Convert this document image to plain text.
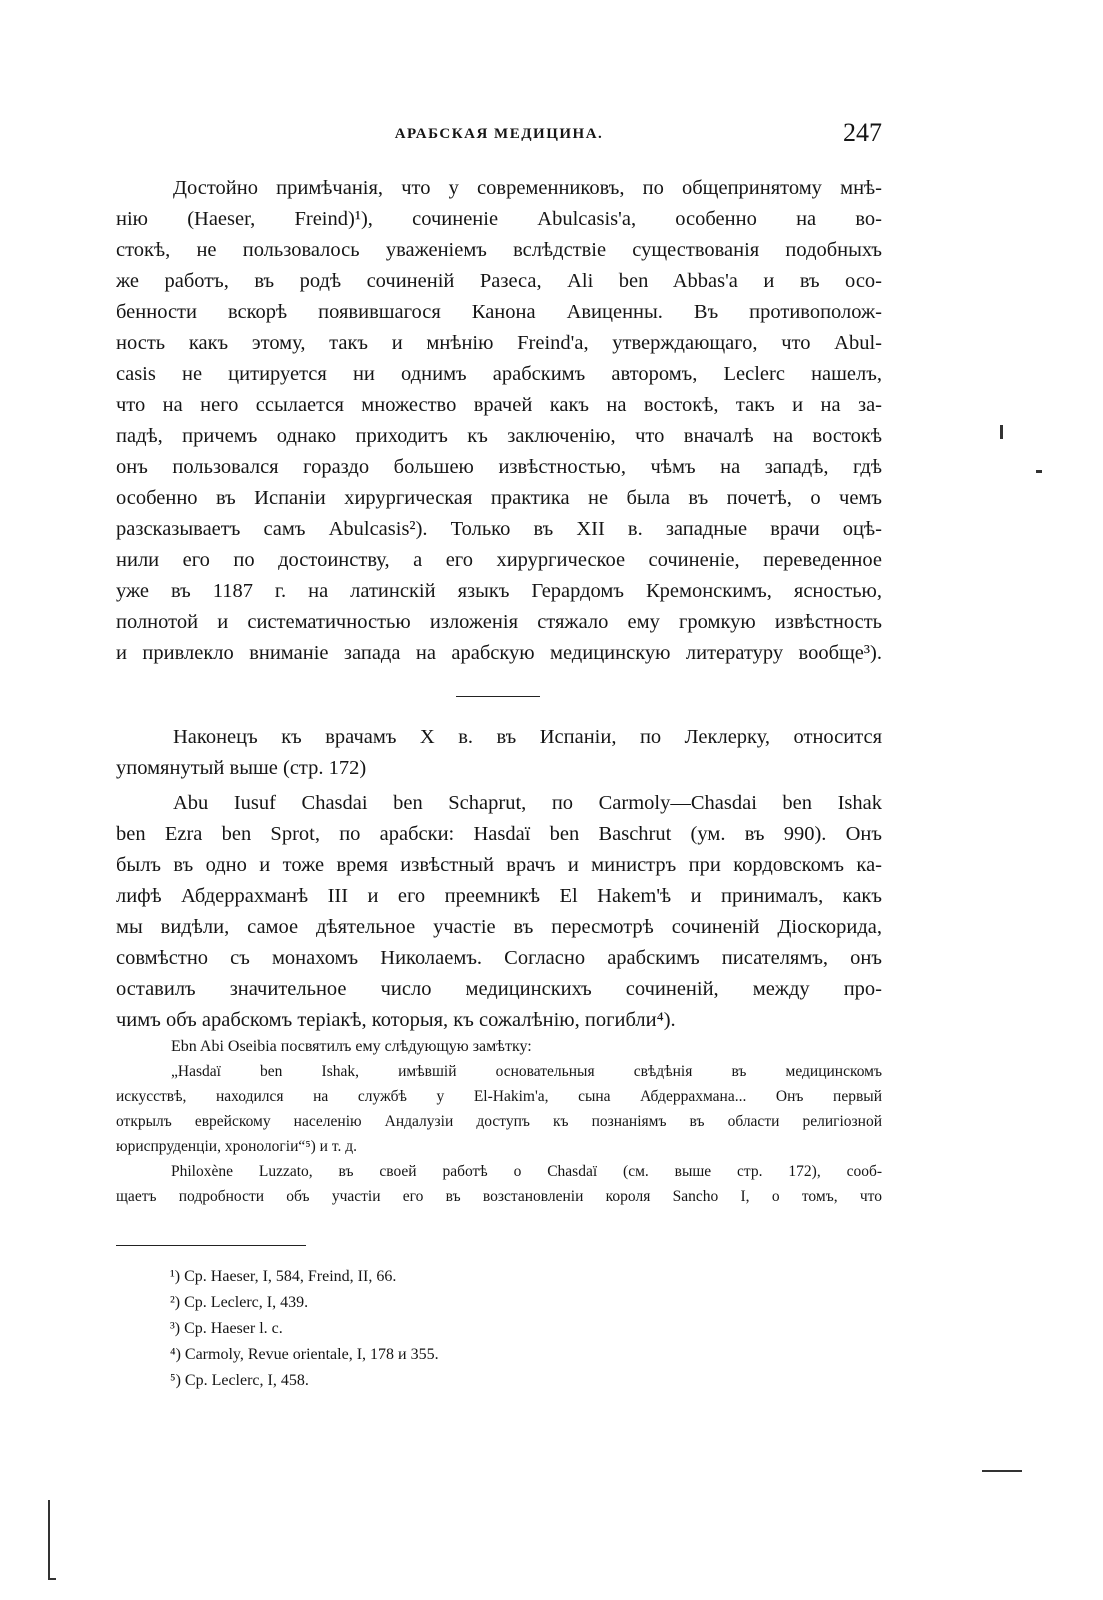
АРАБСКАЯ МЕДИЦИНА.	247
Достойно примѣчанія, что у современниковъ, по общепринятому мнѣ-
нію (Haeser, Freind)¹), сочиненіе Abulcasis'а, особенно на во-
стокѣ, не пользовалось уваженіемъ вслѣдствіе существованія подобныхъ
же работъ, въ родѣ сочиненій Разеса, Ali ben Abbas'а и въ осо-
бенности вскорѣ появившагося Канона Авиценны. Въ противополож-
ность какъ этому, такъ и мнѣнію Freind'а, утверждающаго, что Abul-
casis не цитируется ни однимъ арабскимъ авторомъ, Leclerc нашелъ,
что на него ссылается множество врачей какъ на востокѣ, такъ и на за-
падѣ, причемъ однако приходитъ къ заключенію, что вначалѣ на востокѣ
онъ пользовался гораздо большею извѣстностью, чѣмъ на западѣ, гдѣ
особенно въ Испаніи хирургическая практика не была въ почетѣ, о чемъ
разсказываетъ самъ Abulcasis²). Только въ XII в. западные врачи оцѣ-
нили его по достоинству, а его хирургическое сочиненіе, переведенное
уже въ 1187 г. на латинскій языкъ Герардомъ Кремонскимъ, ясностью,
полнотой и систематичностью изложенія стяжало ему громкую извѣстность
и привлекло вниманіе запада на арабскую медицинскую литературу вообще³).
Наконецъ къ врачамъ X в. въ Испаніи, по Леклерку, относится
упомянутый выше (стр. 172)
Abu Iusuf Chasdai ben Schaprut, по Carmoly—Chasdai ben Ishak
ben Ezra ben Sprot, по арабски: Hasdaï ben Baschrut (ум. въ 990). Онъ
былъ въ одно и тоже время извѣстный врачъ и министръ при кордовскомъ ка-
лифѣ Абдеррахманѣ III и его преемникѣ El Hakem'ѣ и принималъ, какъ
мы видѣли, самое дѣятельное участіе въ пересмотрѣ сочиненій Діоскорида,
совмѣстно съ монахомъ Николаемъ. Согласно арабскимъ писателямъ, онъ
оставилъ значительное число медицинскихъ сочиненій, между про-
чимъ объ арабскомъ теріакѣ, которыя, къ сожалѣнію, погибли⁴).
Ebn Abi Oseibia посвятилъ ему слѣдующую замѣтку:
„Hasdaï ben Ishak, имѣвшій основательныя свѣдѣнія въ медицинскомъ
искусствѣ, находился на службѣ у El-Hakim'а, сына Абдеррахмана... Онъ первый
открылъ еврейскому населенію Андалузіи доступъ къ познаніямъ въ области религіозной
юриспруденціи, хронологіи“⁵) и т. д.
Philoxène Luzzato, въ своей работѣ о Chasdaï (см. выше стр. 172), сооб-
щаетъ подробности объ участіи его въ возстановленіи короля Sancho I, о томъ, что
¹) Ср. Haeser, I, 584, Freind, II, 66.
²) Ср. Leclerc, I, 439.
³) Ср. Haeser l. с.
⁴) Carmoly, Revue orientale, I, 178 и 355.
⁵) Ср. Leclerc, I, 458.
